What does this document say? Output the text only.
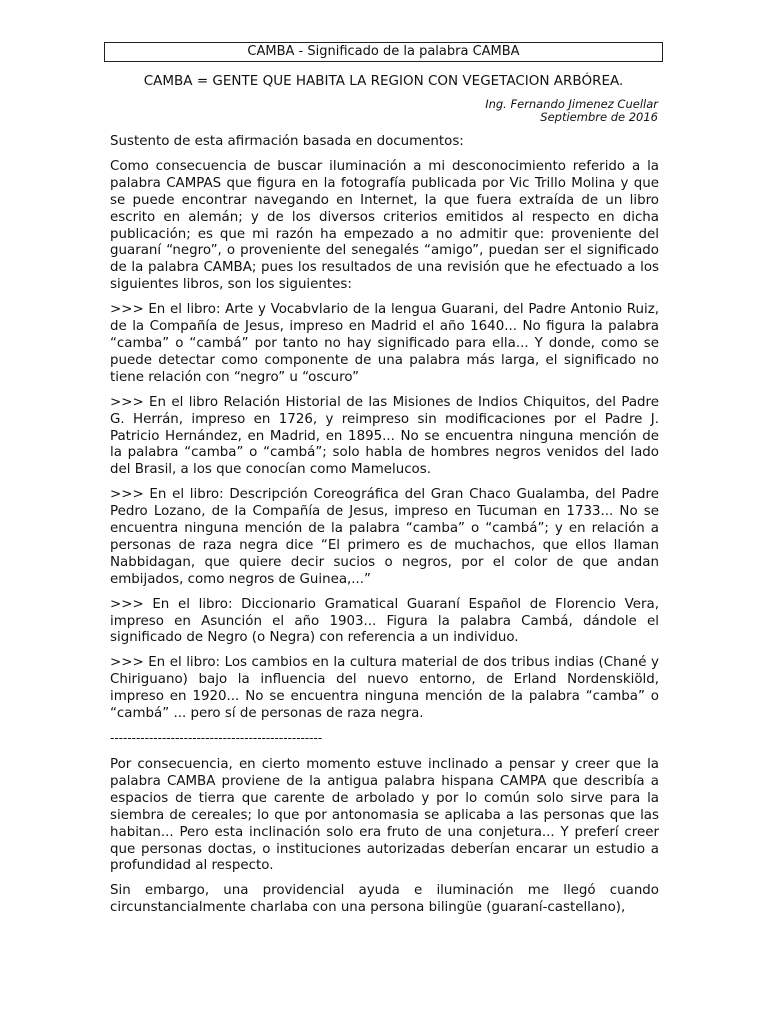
CAMBA - Significado de la palabra CAMBA
CAMBA = GENTE QUE HABITA LA REGION CON VEGETACION ARBÓREA.
Ing. Fernando Jimenez Cuellar
Septiembre de 2016

Sustento de esta afirmación basada en documentos:

Como consecuencia de buscar iluminación a mi desconocimiento referido a la palabra CAMPAS que figura en la fotografía publicada por Vic Trillo Molina y que se puede encontrar navegando en Internet, la que fuera extraída de un libro escrito en alemán; y de los diversos criterios emitidos al respecto en dicha publicación; es que mi razón ha empezado a no admitir que: proveniente del guaraní “negro”, o proveniente del senegalés “amigo”, puedan ser el significado de la palabra CAMBA; pues los resultados de una revisión que he efectuado a los siguientes libros, son los siguientes:

>>> En el libro: Arte y Vocabvlario de la lengua Guarani, del Padre Antonio Ruiz, de la Compañía de Jesus, impreso en Madrid el año 1640... No figura la palabra “camba” o “cambá” por tanto no hay significado para ella... Y donde, como se puede detectar como componente de una palabra más larga, el significado no tiene relación con “negro” u “oscuro”

>>> En el libro Relación Historial de las Misiones de Indios Chiquitos, del Padre G. Herrán, impreso en 1726, y reimpreso sin modificaciones por el Padre J. Patricio Hernández, en Madrid, en 1895... No se encuentra ninguna mención de la palabra “camba” o “cambá”; solo habla de hombres negros venidos del lado del Brasil, a los que conocían como Mamelucos.

>>> En el libro: Descripción Coreográfica del Gran Chaco Gualamba, del Padre Pedro Lozano, de la Compañía de Jesus, impreso en Tucuman en 1733... No se encuentra ninguna mención de la palabra “camba” o “cambá”; y en relación a personas de raza negra dice “El primero es de muchachos, que ellos llaman Nabbidagan, que quiere decir sucios o negros, por el color de que andan embijados, como negros de Guinea,...”

>>> En el libro: Diccionario Gramatical Guaraní Español de Florencio Vera, impreso en Asunción el año 1903... Figura la palabra Cambá, dándole el significado de Negro (o Negra) con referencia a un individuo.

>>> En el libro: Los cambios en la cultura material de dos tribus indias (Chané y Chiriguano) bajo la influencia del nuevo entorno, de Erland Nordenskiöld, impreso en 1920... No se encuentra ninguna mención de la palabra “camba” o “cambá” ... pero sí de personas de raza negra.

-------------------------------------------------

Por consecuencia, en cierto momento estuve inclinado a pensar y creer que la palabra CAMBA proviene de la antigua palabra hispana CAMPA que describía a espacios de tierra que carente de arbolado y por lo común solo sirve para la siembra de cereales; lo que por antonomasia se aplicaba a las personas que las habitan... Pero esta inclinación solo era fruto de una conjetura... Y preferí creer que personas doctas, o instituciones autorizadas deberían encarar un estudio a profundidad al respecto.

Sin embargo, una providencial ayuda e iluminación me llegó cuando circunstancialmente charlaba con una persona bilingüe (guaraní-castellano),
